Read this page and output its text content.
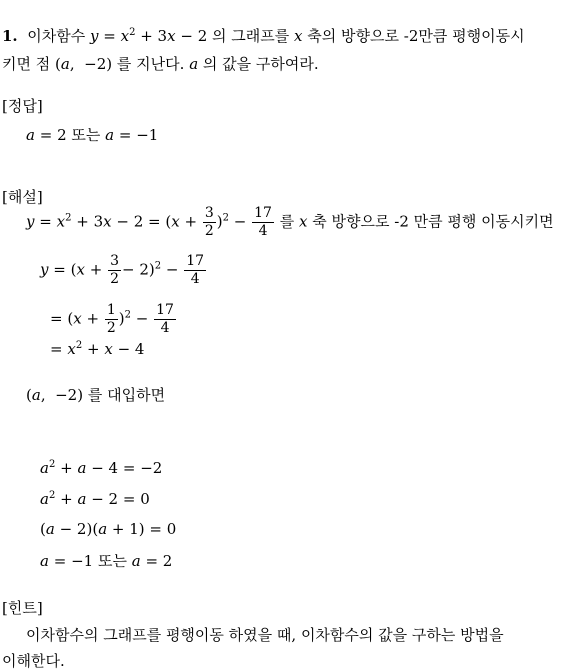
1. 이차함수 $y = x^2 + 3x - 2$ 의 그래프를 x 축의 방향으로 -2만큼 평행이동시
키면 점 (a,  −2) 를 지난다. a 의 값을 구하여라.
[정답]
a = 2 또는 a = −1
[해설]
$y = x^2 + 3x - 2 = (x + \frac{3}{2} )^2 - \frac{17}{4}$ 를 x 축 방향으로 -2 만큼 평행 이동시키면
$y = (x + \frac{3}{2} - 2)^2 - \frac{17}{4}$
= $(x + \frac{1}{2} )^2 - \frac{17}{4}$
= $x^2 + x - 4$
(a,  −2) 를 대입하면
$a^2 + a - 4 = -2$
$a^2 + a - 2 = 0$
(a − 2)(a + 1) = 0
a = −1 또는 a = 2
[힌트]
이차함수의 그래프를 평행이동 하였을 때, 이차함수의 값을 구하는 방법을
이해한다.
